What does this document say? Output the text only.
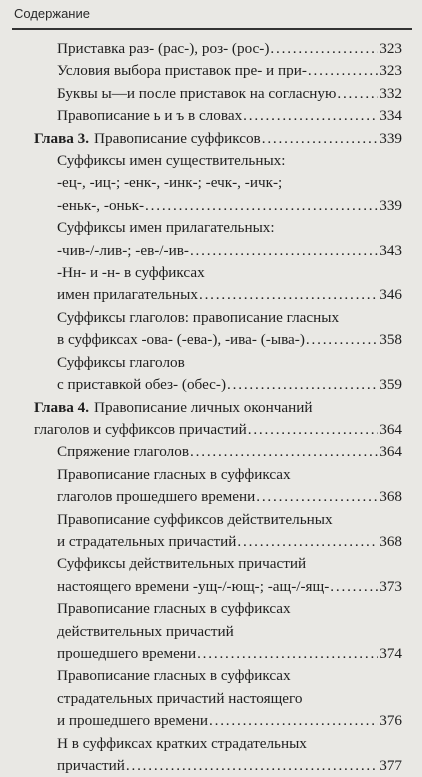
Содержание
Приставка раз- (рас-), роз- (рос-) . . .	323
Условия выбора приставок пре- и при- . . .	323
Буквы ы—и после приставок на согласную . . .	332
Правописание ь и ъ в словах . . .	334
Глава 3. Правописание суффиксов . . .	339
Суффиксы имен существительных:
-ец-, -иц-; -енк-, -инк-; -ечк-, -ичк-;
-еньк-, -оньк- . . .	339
Суффиксы имен прилагательных:
-чив-/-лив-; -ев-/-ив- . . .	343
-Нн- и -н- в суффиксах
имен прилагательных . . .	346
Суффиксы глаголов: правописание гласных
в суффиксах -ова- (-ева-), -ива- (-ыва-) . . .	358
Суффиксы глаголов
с приставкой обез- (обес-) . . .	359
Глава 4. Правописание личных окончаний
глаголов и суффиксов причастий . . .	364
Спряжение глаголов . . .	364
Правописание гласных в суффиксах
глаголов прошедшего времени . . .	368
Правописание суффиксов действительных
и страдательных причастий . . .	368
Суффиксы действительных причастий
настоящего времени -ущ-/-ющ-; -ащ-/-ящ- . . .	373
Правописание гласных в суффиксах
действительных причастий
прошедшего времени . . .	374
Правописание гласных в суффиксах
страдательных причастий настоящего
и прошедшего времени . . .	376
Н в суффиксах кратких страдательных
причастий . . .	377
